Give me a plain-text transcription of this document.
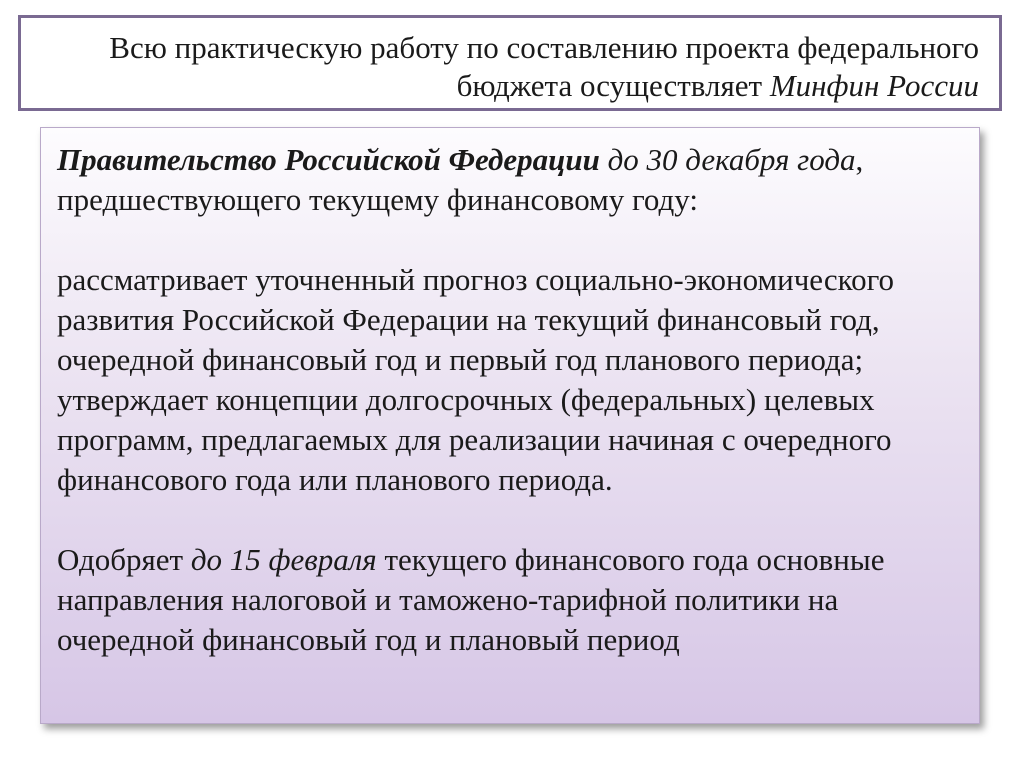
Всю практическую работу по составлению проекта федерального
бюджета осуществляет Минфин России

Правительство Российской Федерации до 30 декабря года, предшествующего текущему финансовому году:

рассматривает уточненный прогноз социально-экономического развития Российской Федерации на текущий финансовый год, очередной финансовый год и первый год планового периода;

утверждает концепции долгосрочных (федеральных) целевых программ, предлагаемых для реализации начиная с очередного финансового года или планового периода.

Одобряет до 15 февраля текущего финансового года основные направления налоговой и таможено-тарифной политики на очередной финансовый год и плановый период
